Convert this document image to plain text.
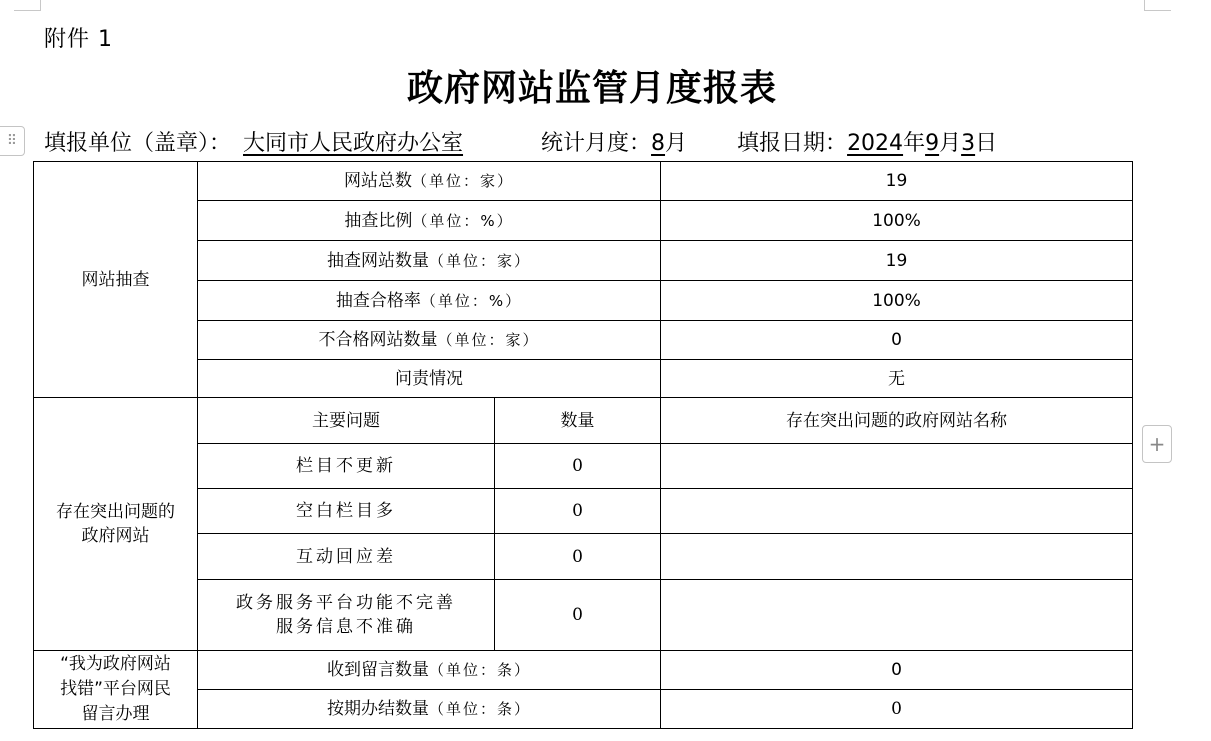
附件 1
政府网站监管月度报表
⠿ 填报单位（盖章）： 大同市人民政府办公室	统计月度： 8 月 填报日期： 2024 年 9 月 3 日
网站抽查	网站总数（单位：家）		19
	抽查比例（单位：%）		100%
	抽查网站数量（单位：家）		19
	抽查合格率（单位：%）		100%
	不合格网站数量（单位：家）		0
	问责情况		无

存在突出问题的
政府网站	主要问题	数量	存在突出问题的政府网站名称
	栏目不更新	0	
	空白栏目多	0	
	互动回应差	0	

	政务服务平台功能不完善
服务信息不准确	0	

“我为政府网站
找错”平台网民
留言办理	收到留言数量（单位：条）		0
	按期办结数量（单位：条）		0
+
